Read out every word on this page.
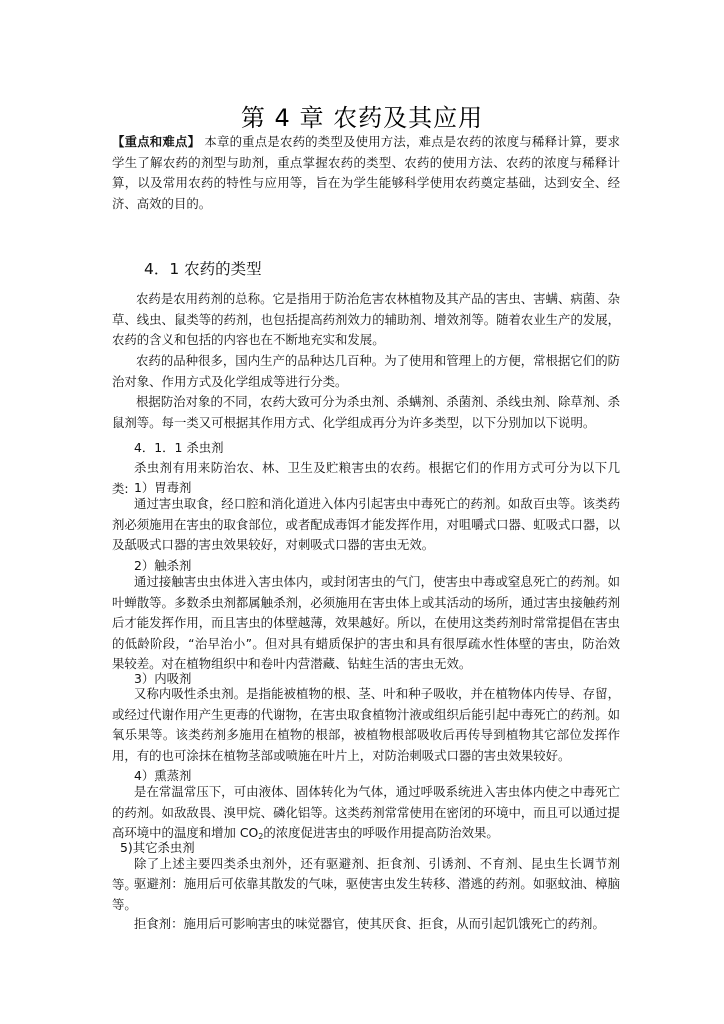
第 4 章 农药及其应用
【重点和难点】 本章的重点是农药的类型及使用方法，难点是农药的浓度与稀释计算，要求学生了解农药的剂型与助剂，重点掌握农药的类型、农药的使用方法、农药的浓度与稀释计算，以及常用农药的特性与应用等，旨在为学生能够科学使用农药奠定基础，达到安全、经济、高效的目的。
4．1 农药的类型
农药是农用药剂的总称。它是指用于防治危害农林植物及其产品的害虫、害螨、病菌、杂草、线虫、鼠类等的药剂，也包括提高药剂效力的辅助剂、增效剂等。随着农业生产的发展，农药的含义和包括的内容也在不断地充实和发展。
农药的品种很多，国内生产的品种达几百种。为了使用和管理上的方便，常根据它们的防治对象、作用方式及化学组成等进行分类。
根据防治对象的不同，农药大致可分为杀虫剂、杀螨剂、杀菌剂、杀线虫剂、除草剂、杀鼠剂等。每一类又可根据其作用方式、化学组成再分为许多类型，以下分别加以下说明。
4．1．1 杀虫剂
杀虫剂有用来防治农、林、卫生及贮粮害虫的农药。根据它们的作用方式可分为以下几类: 1）胃毒剂
通过害虫取食，经口腔和消化道进入体内引起害虫中毒死亡的药剂。如敌百虫等。该类药剂必须施用在害虫的取食部位，或者配成毒饵才能发挥作用，对咀嚼式口器、虹吸式口器，以及舐吸式口器的害虫效果较好，对刺吸式口器的害虫无效。
2）触杀剂
通过接触害虫虫体进入害虫体内，或封闭害虫的气门，使害虫中毒或窒息死亡的药剂。如叶蝉散等。多数杀虫剂都属触杀剂，必须施用在害虫体上或其活动的场所，通过害虫接触药剂后才能发挥作用，而且害虫的体壁越薄，效果越好。所以，在使用这类药剂时常常提倡在害虫的低龄阶段，“治早治小”。但对具有蜡质保护的害虫和具有很厚疏水性体壁的害虫，防治效果较差。对在植物组织中和卷叶内营潜藏、钻蛀生活的害虫无效。
3）内吸剂
又称内吸性杀虫剂。是指能被植物的根、茎、叶和种子吸收，并在植物体内传导、存留，或经过代谢作用产生更毒的代谢物，在害虫取食植物汁液或组织后能引起中毒死亡的药剂。如氧乐果等。该类药剂多施用在植物的根部，被植物根部吸收后再传导到植物其它部位发挥作用，有的也可涂抹在植物茎部或喷施在叶片上，对防治刺吸式口器的害虫效果较好。
4）熏蒸剂
是在常温常压下，可由液体、固体转化为气体，通过呼吸系统进入害虫体内使之中毒死亡的药剂。如敌敌畏、溴甲烷、磷化铝等。这类药剂常常使用在密闭的环境中，而且可以通过提高环境中的温度和增加 $CO_2$的浓度促进害虫的呼吸作用提高防治效果。
5)其它杀虫剂
除了上述主要四类杀虫剂外，还有驱避剂、拒食剂、引诱剂、不育剂、昆虫生长调节剂等。
驱避剂：施用后可依靠其散发的气味，驱使害虫发生转移、潜逃的药剂。如驱蚊油、樟脑等。
拒食剂：施用后可影响害虫的味觉器官，使其厌食、拒食，从而引起饥饿死亡的药剂。
